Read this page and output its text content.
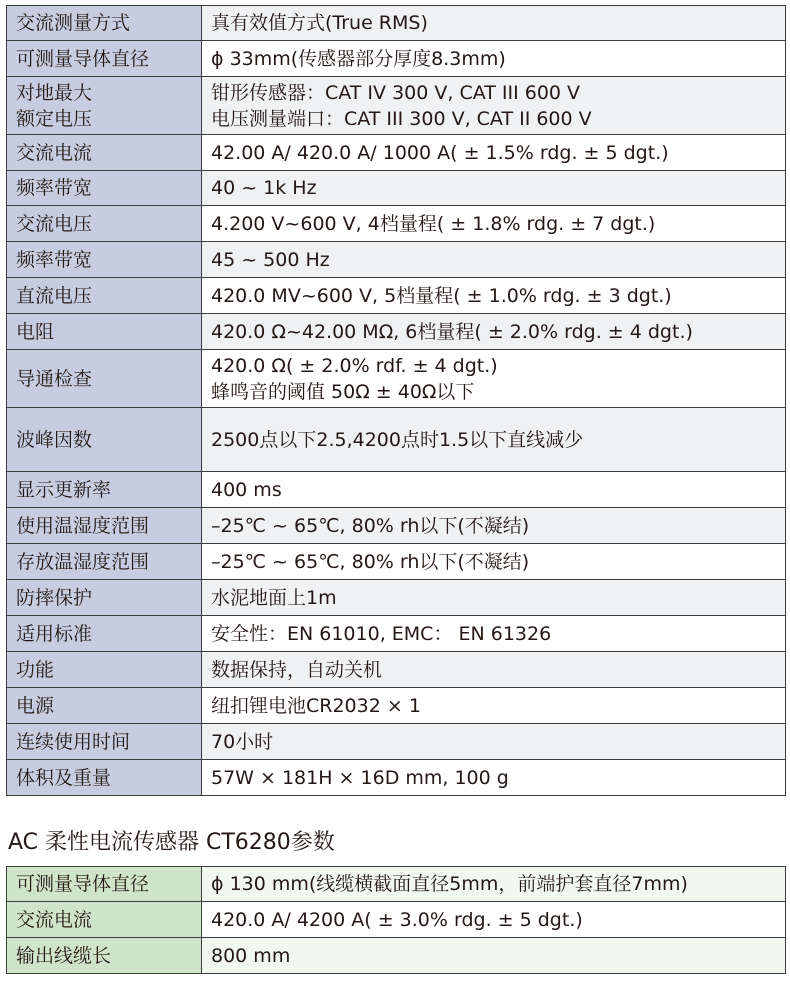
交流测量方式	真有效值方式(True RMS)

可测量导体直径	ϕ 33mm(传感器部分厚度8.3mm)

对地最大
额定电压	钳形传感器：CAT IV 300 V, CAT III 600 V
电压测量端口：CAT III 300 V, CAT II 600 V

交流电流	42.00 A/ 420.0 A/ 1000 A( ± 1.5% rdg. ± 5 dgt.)

频率带宽	40 ~ 1k Hz

交流电压	4.200 V~600 V, 4档量程( ± 1.8% rdg. ± 7 dgt.)

频率带宽	45 ~ 500 Hz

直流电压	420.0 MV~600 V, 5档量程( ± 1.0% rdg. ± 3 dgt.)

电阻	420.0 Ω~42.00 MΩ, 6档量程( ± 2.0% rdg. ± 4 dgt.)

导通检查	420.0 Ω( ± 2.0% rdf. ± 4 dgt.)
蜂鸣音的阈值 50Ω ± 40Ω以下

波峰因数	2500点以下2.5,4200点时1.5以下直线减少

显示更新率	400 ms

使用温湿度范围	–25℃ ~ 65℃, 80% rh以下(不凝结)

存放温湿度范围	–25℃ ~ 65℃, 80% rh以下(不凝结)

防摔保护	水泥地面上1m

适用标准	安全性：EN 61010, EMC： EN 61326

功能	数据保持，自动关机

电源	纽扣锂电池CR2032 × 1

连续使用时间	70小时

体积及重量	57W × 181H × 16D mm, 100 g
AC 柔性电流传感器 CT6280参数
可测量导体直径	ϕ 130 mm(线缆横截面直径5mm，前端护套直径7mm)

交流电流	420.0 A/ 4200 A( ± 3.0% rdg. ± 5 dgt.)

输出线缆长	800 mm
